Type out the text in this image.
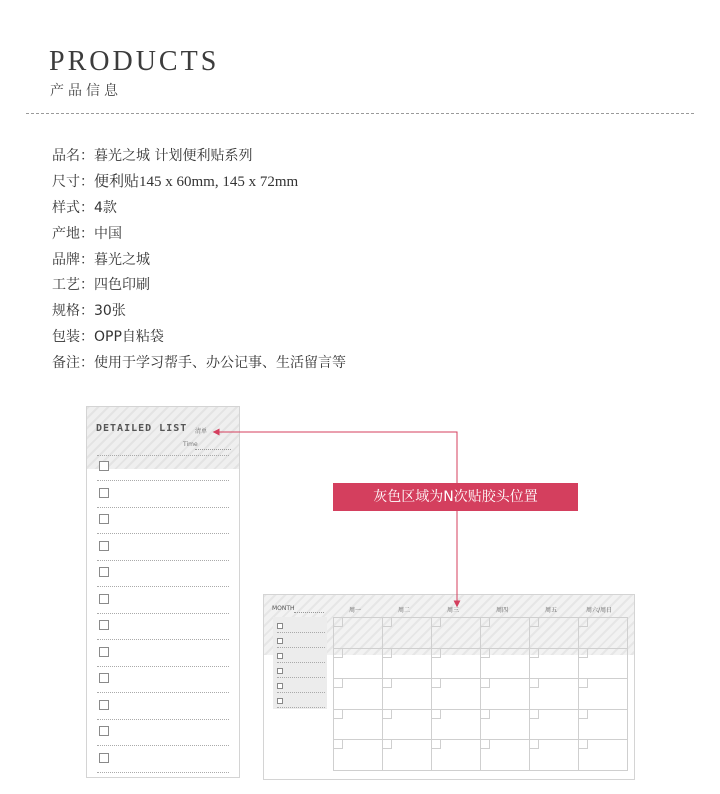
PRODUCTS
产品信息
品名：暮光之城 计划便利贴系列
尺寸：便利贴145 x 60mm, 145 x 72mm
样式：4款
产地：中国
品牌：暮光之城
工艺：四色印刷
规格：30张
包装：OPP自粘袋
备注：使用于学习帮手、办公记事、生活留言等
DETAILED LIST 清单
Time
MONTH	周一	周二	周三	周四	周五	周六/周日
灰色区域为N次贴胶头位置
